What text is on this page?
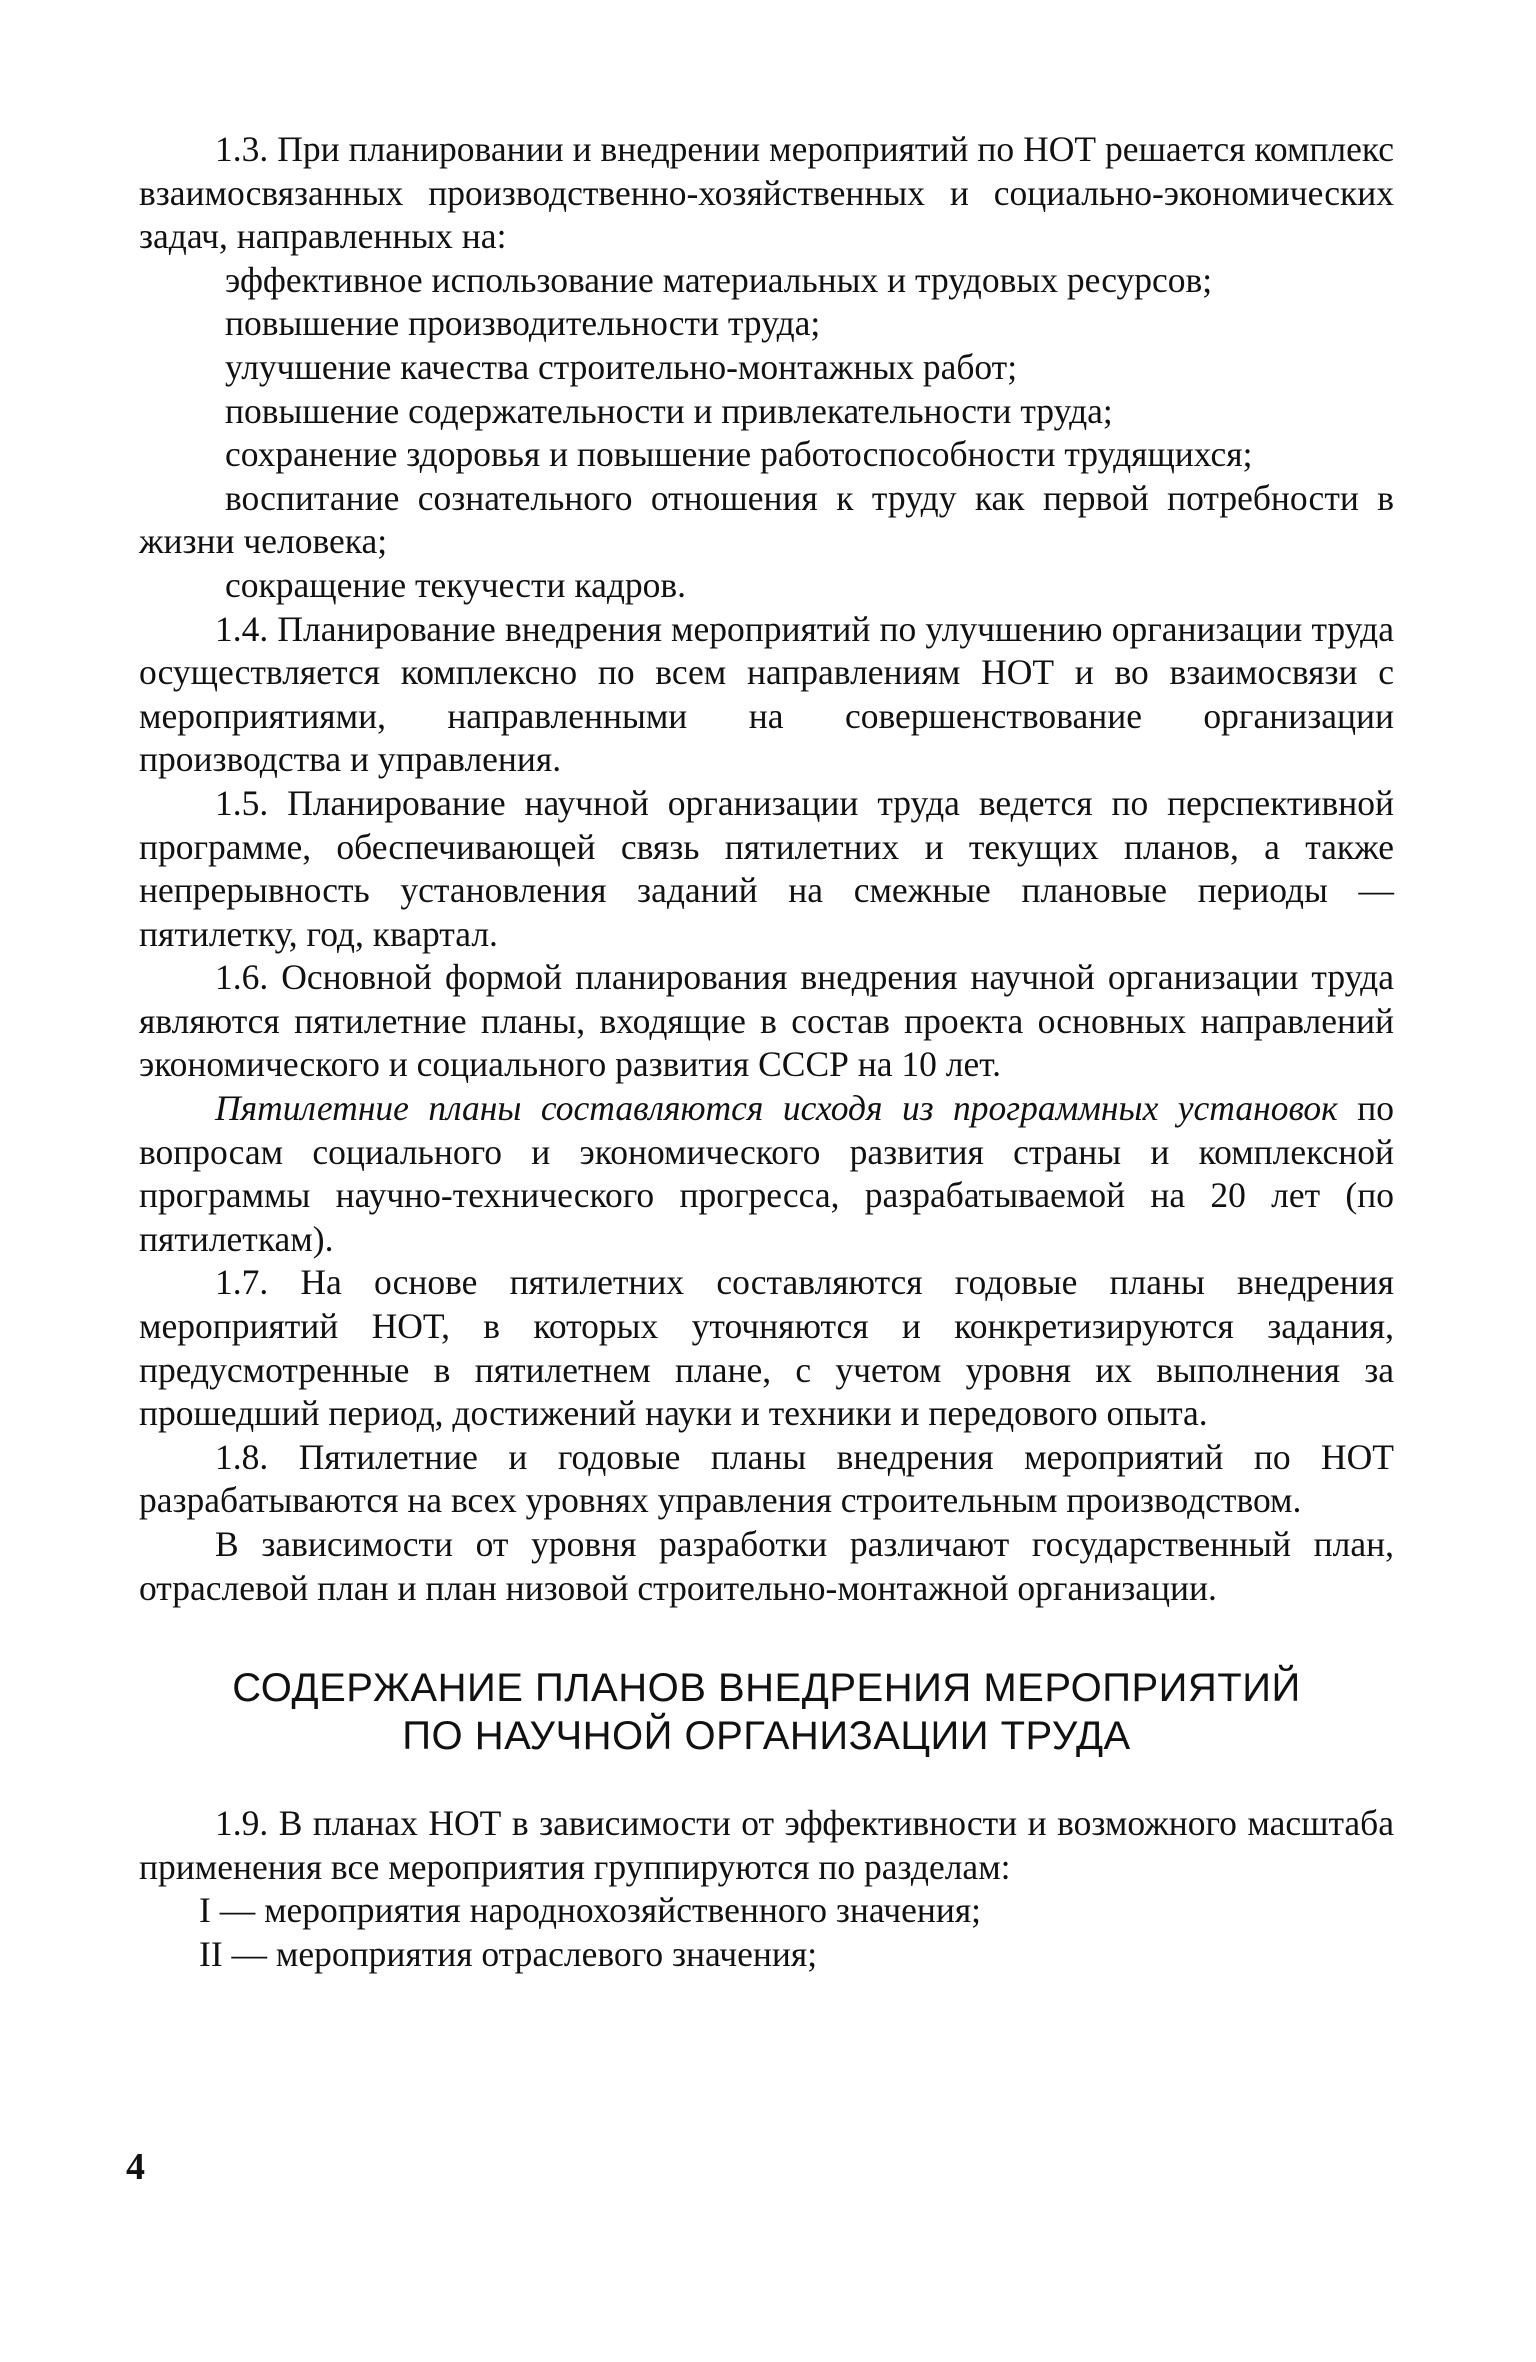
1.3. При планировании и внедрении мероприятий по НОТ решается комплекс взаимосвязанных производственно-хозяйственных и социально-экономических задач, направленных на:

эффективное использование материальных и трудовых ресурсов;

повышение производительности труда;

улучшение качества строительно-монтажных работ;

повышение содержательности и привлекательности труда;

сохранение здоровья и повышение работоспособности трудящихся;

воспитание сознательного отношения к труду как первой потребности в жизни человека;

сокращение текучести кадров.

1.4. Планирование внедрения мероприятий по улучшению организации труда осуществляется комплексно по всем направлениям НОТ и во взаимосвязи с мероприятиями, направленными на совершенствование организации производства и управления.

1.5. Планирование научной организации труда ведется по перспективной программе, обеспечивающей связь пятилетних и текущих планов, а также непрерывность установления заданий на смежные плановые периоды — пятилетку, год, квартал.

1.6. Основной формой планирования внедрения научной организации труда являются пятилетние планы, входящие в состав проекта основных направлений экономического и социального развития СССР на 10 лет.

Пятилетние планы составляются исходя из программных установок по вопросам социального и экономического развития страны и комплексной программы научно-технического прогресса, разрабатываемой на 20 лет (по пятилеткам).

1.7. На основе пятилетних составляются годовые планы внедрения мероприятий НОТ, в которых уточняются и конкретизируются задания, предусмотренные в пятилетнем плане, с учетом уровня их выполнения за прошедший период, достижений науки и техники и передового опыта.

1.8. Пятилетние и годовые планы внедрения мероприятий по НОТ разрабатываются на всех уровнях управления строительным производством.

В зависимости от уровня разработки различают государственный план, отраслевой план и план низовой строительно-монтажной организации.

СОДЕРЖАНИЕ ПЛАНОВ ВНЕДРЕНИЯ МЕРОПРИЯТИЙ
ПО НАУЧНОЙ ОРГАНИЗАЦИИ ТРУДА

1.9. В планах НОТ в зависимости от эффективности и возможного масштаба применения все мероприятия группируются по разделам:

I — мероприятия народнохозяйственного значения;

II — мероприятия отраслевого значения;

4
